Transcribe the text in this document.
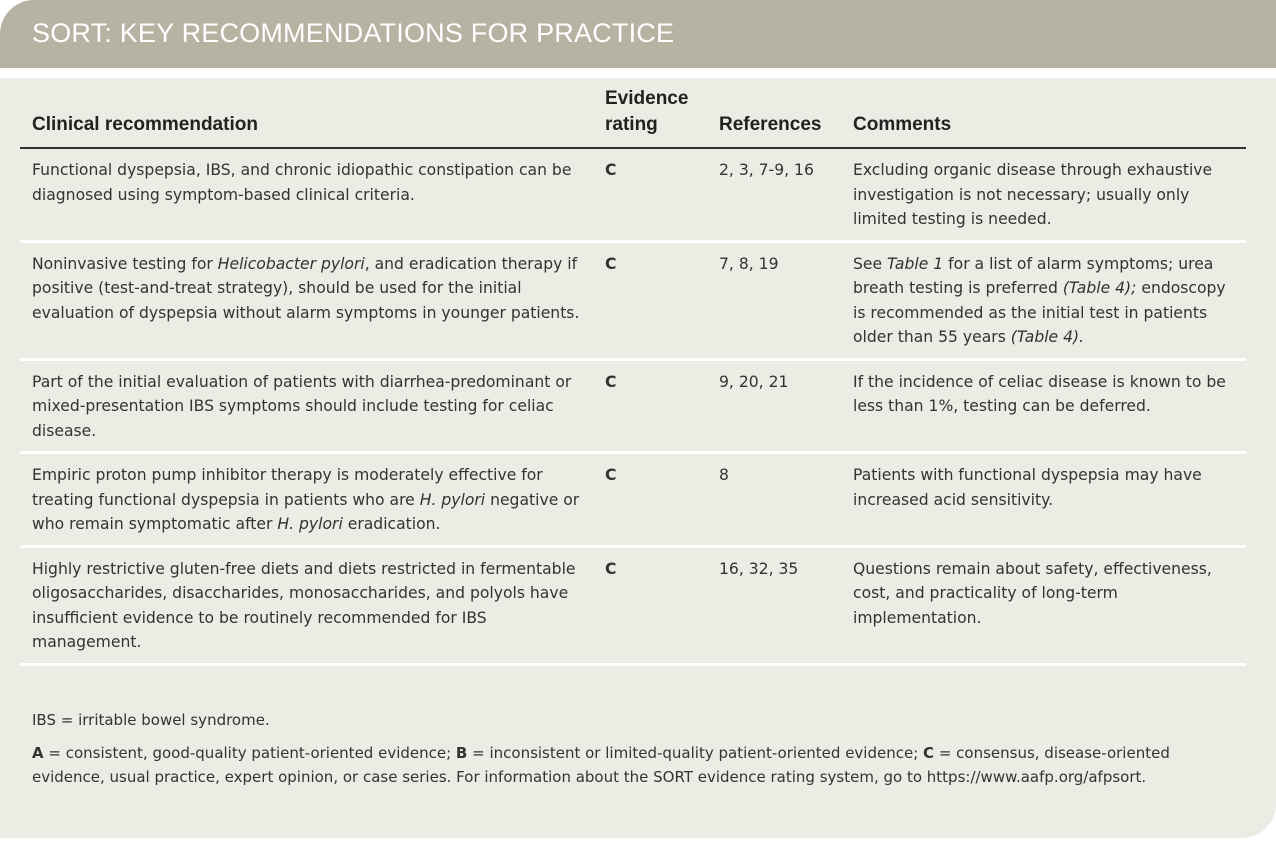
SORT: KEY RECOMMENDATIONS FOR PRACTICE
Clinical recommendation	Evidence rating	References	Comments
Functional dyspepsia, IBS, and chronic idiopathic constipation can be diagnosed using symptom-based clinical criteria.	C	2, 3, 7-9, 16	Excluding organic disease through exhaustive investigation is not necessary; usually only limited testing is needed.
Noninvasive testing for Helicobacter pylori, and eradication therapy if positive (test-and-treat strategy), should be used for the initial evaluation of dyspepsia without alarm symptoms in younger patients.	C	7, 8, 19	See Table 1 for a list of alarm symptoms; urea breath testing is preferred (Table 4); endoscopy is recommended as the initial test in patients older than 55 years (Table 4).
Part of the initial evaluation of patients with diarrhea-predominant or mixed-presentation IBS symptoms should include testing for celiac disease.	C	9, 20, 21	If the incidence of celiac disease is known to be less than 1%, testing can be deferred.
Empiric proton pump inhibitor therapy is moderately effective for treating functional dyspepsia in patients who are H. pylori negative or who remain symptomatic after H. pylori eradication.	C	8	Patients with functional dyspepsia may have increased acid sensitivity.
Highly restrictive gluten-free diets and diets restricted in fermentable oligosaccharides, disaccharides, monosaccharides, and polyols have insufficient evidence to be routinely recommended for IBS management.	C	16, 32, 35	Questions remain about safety, effectiveness, cost, and practicality of long-term implementation.

IBS = irritable bowel syndrome.

A = consistent, good-quality patient-oriented evidence; B = inconsistent or limited-quality patient-oriented evidence; C = consensus, disease-oriented evidence, usual practice, expert opinion, or case series. For information about the SORT evidence rating system, go to https://www.aafp.org/afpsort.
